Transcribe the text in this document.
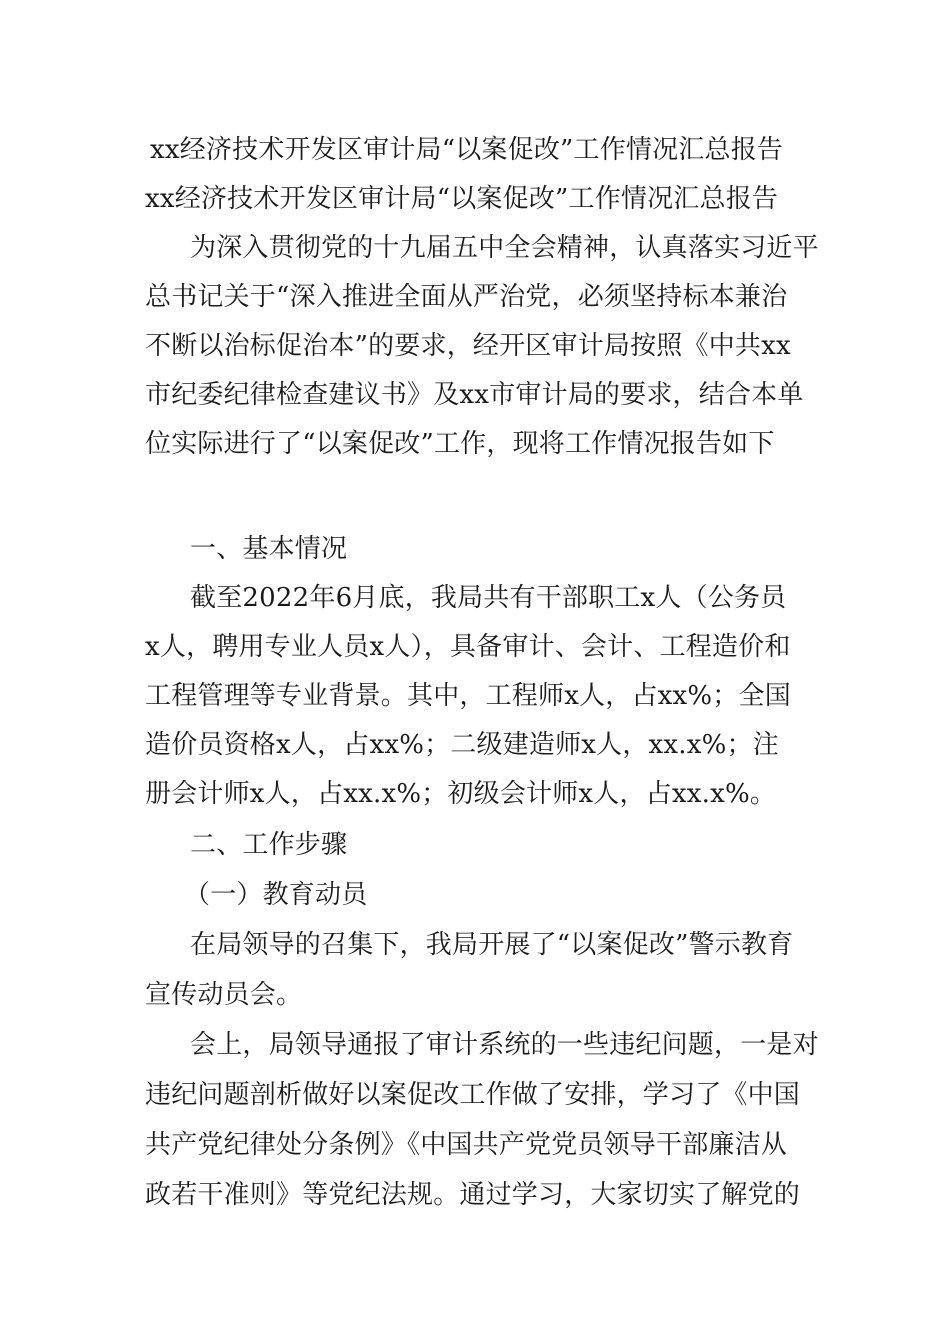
xx经济技术开发区审计局“以案促改”工作情况汇总报告
xx经济技术开发区审计局“以案促改”工作情况汇总报告
为深入贯彻党的十九届五中全会精神，认真落实习近平
总书记关于“深入推进全面从严治党，必须坚持标本兼治
不断以治标促治本”的要求，经开区审计局按照《中共xx
市纪委纪律检查建议书》及xx市审计局的要求，结合本单
位实际进行了“以案促改”工作，现将工作情况报告如下
一、基本情况
截至2022年6月底，我局共有干部职工x人（公务员
x人，聘用专业人员x人），具备审计、会计、工程造价和
工程管理等专业背景。其中，工程师x人，占xx%；全国
造价员资格x人，占xx%；二级建造师x人，xx.x%；注
册会计师x人，占xx.x%；初级会计师x人，占xx.x%。
二、工作步骤
（一）教育动员
在局领导的召集下，我局开展了“以案促改”警示教育
宣传动员会。
会上，局领导通报了审计系统的一些违纪问题，一是对
违纪问题剖析做好以案促改工作做了安排，学习了《中国
共产党纪律处分条例》《中国共产党党员领导干部廉洁从
政若干准则》等党纪法规。通过学习，大家切实了解党的
